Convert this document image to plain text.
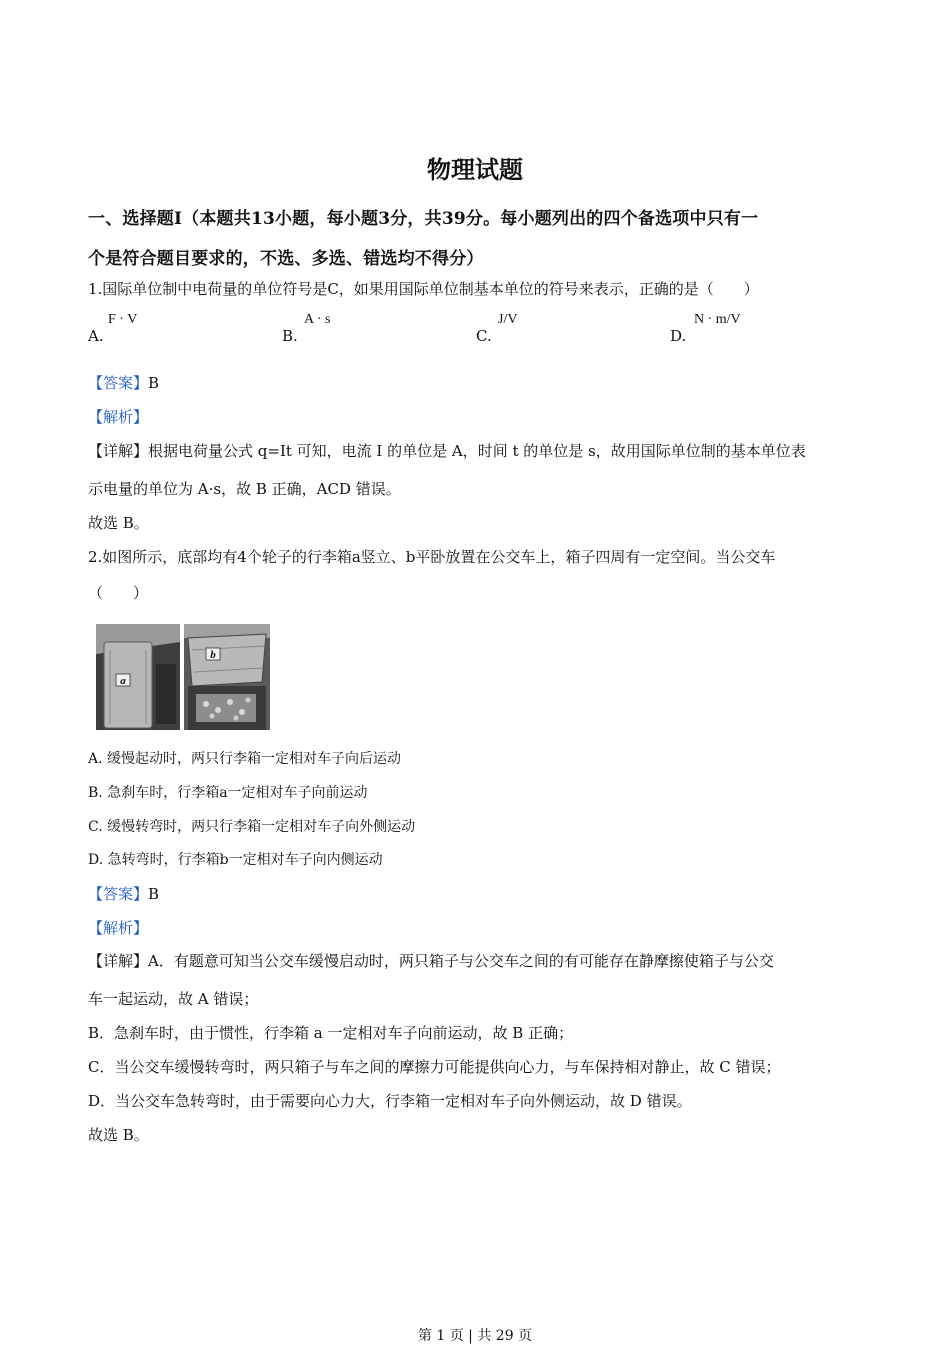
物理试题
一、选择题Ⅰ（本题共13小题，每小题3分，共39分。每小题列出的四个备选项中只有一
个是符合题目要求的，不选、多选、错选均不得分）
1.国际单位制中电荷量的单位符号是C，如果用国际单位制基本单位的符号来表示，正确的是（　　）
A.
F · V
B.
A · s
C.
J/V
D.
N · m/V
【答案】B
【解析】
【详解】根据电荷量公式 q=It 可知，电流 I 的单位是 A，时间 t 的单位是 s，故用国际单位制的基本单位表
示电量的单位为 A·s，故 B 正确，ACD 错误。
故选 B。
2.如图所示，底部均有4个轮子的行李箱a竖立、b平卧放置在公交车上，箱子四周有一定空间。当公交车
（　　）
a
b
A. 缓慢起动时，两只行李箱一定相对车子向后运动
B. 急刹车时，行李箱a一定相对车子向前运动
C. 缓慢转弯时，两只行李箱一定相对车子向外侧运动
D. 急转弯时，行李箱b一定相对车子向内侧运动
【答案】B
【解析】
【详解】A．有题意可知当公交车缓慢启动时，两只箱子与公交车之间的有可能存在静摩擦使箱子与公交
车一起运动，故 A 错误；
B．急刹车时，由于惯性，行李箱 a 一定相对车子向前运动，故 B 正确；
C．当公交车缓慢转弯时，两只箱子与车之间的摩擦力可能提供向心力，与车保持相对静止，故 C 错误；
D．当公交车急转弯时，由于需要向心力大，行李箱一定相对车子向外侧运动，故 D 错误。
故选 B。
第 1 页 | 共 29 页
